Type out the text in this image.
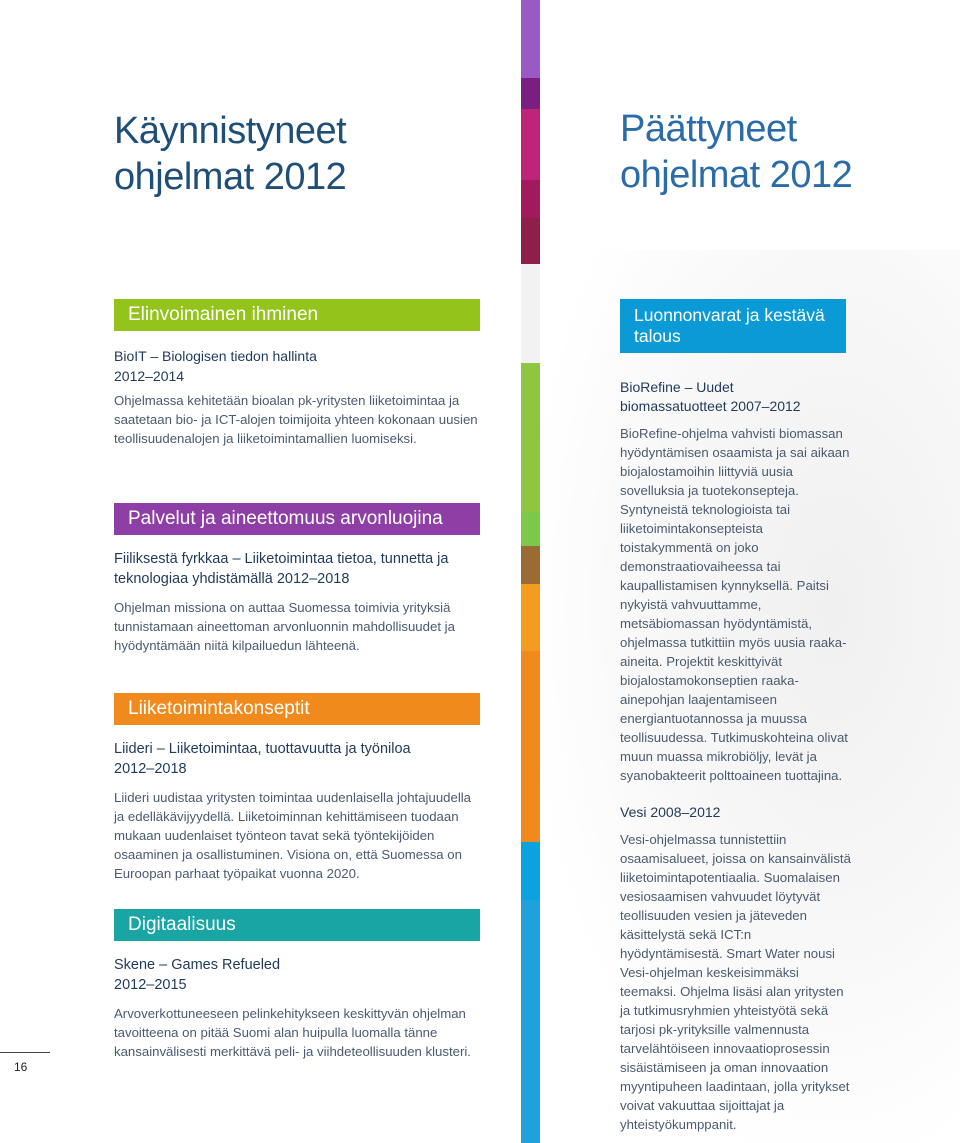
Käynnistyneet
ohjelmat 2012
Päättyneet
ohjelmat 2012
Elinvoimainen ihminen
BioIT – Biologisen tiedon hallinta
2012–2014
Ohjelmassa kehitetään bioalan pk-yritysten liiketoimintaa ja saatetaan bio- ja ICT-alojen toimijoita yhteen kokonaan uusien teollisuudenalojen ja liiketoimintamallien luomiseksi.
Palvelut ja aineettomuus arvonluojina
Fiiliksestä fyrkkaa – Liiketoimintaa tietoa, tunnetta ja teknologiaa yhdistämällä 2012–2018
Ohjelman missiona on auttaa Suomessa toimivia yrityksiä tunnistamaan aineettoman arvonluonnin mahdollisuudet ja hyödyntämään niitä kilpailuedun lähteenä.
Liiketoimintakonseptit
Liideri – Liiketoimintaa, tuottavuutta ja työniloa
2012–2018
Liideri uudistaa yritysten toimintaa uudenlaisella johtajuudella ja edelläkävijyydellä. Liiketoiminnan kehittämiseen tuodaan mukaan uudenlaiset työnteon tavat sekä työntekijöiden osaaminen ja osallistuminen. Visiona on, että Suomessa on Euroopan parhaat työpaikat vuonna 2020.
Digitaalisuus
Skene – Games Refueled
2012–2015
Arvoverkottuneeseen pelinkehitykseen keskittyvän ohjelman tavoitteena on pitää Suomi alan huipulla luomalla tänne kansainvälisesti merkittävä peli- ja viihdeteollisuuden klusteri.
Luonnonvarat ja kestävä talous
BioRefine – Uudet
biomassatuotteet 2007–2012
BioRefine-ohjelma vahvisti biomassan hyödyntämisen osaamista ja sai aikaan biojalostamoihin liittyviä uusia sovelluksia ja tuotekonsepteja. Syntyneistä teknologioista tai liiketoimintakonsepteista toistakymmentä on joko demonstraatiovaiheessa tai kaupallistamisen kynnyksellä. Paitsi nykyistä vahvuuttamme, metsäbiomassan hyödyntämistä, ohjelmassa tutkittiin myös uusia raaka-aineita. Projektit keskittyivät biojalostamokonseptien raaka-ainepohjan laajentamiseen energiantuotannossa ja muussa teollisuudessa. Tutkimuskohteina olivat muun muassa mikrobiöljy, levät ja syanobakteerit polttoaineen tuottajina.
Vesi 2008–2012
Vesi-ohjelmassa tunnistettiin osaamisalueet, joissa on kansainvälistä liiketoimintapotentiaalia. Suomalaisen vesiosaamisen vahvuudet löytyvät teollisuuden vesien ja jäteveden käsittelystä sekä ICT:n hyödyntämisestä. Smart Water nousi Vesi-ohjelman keskeisimmäksi teemaksi. Ohjelma lisäsi alan yritysten ja tutkimusryhmien yhteistyötä sekä tarjosi pk-yrityksille valmennusta tarvelähtöiseen innovaatioprosessin sisäistämiseen ja oman innovaation myyntipuheen laadintaan, jolla yritykset voivat vakuuttaa sijoittajat ja yhteistyökumppanit.
16
